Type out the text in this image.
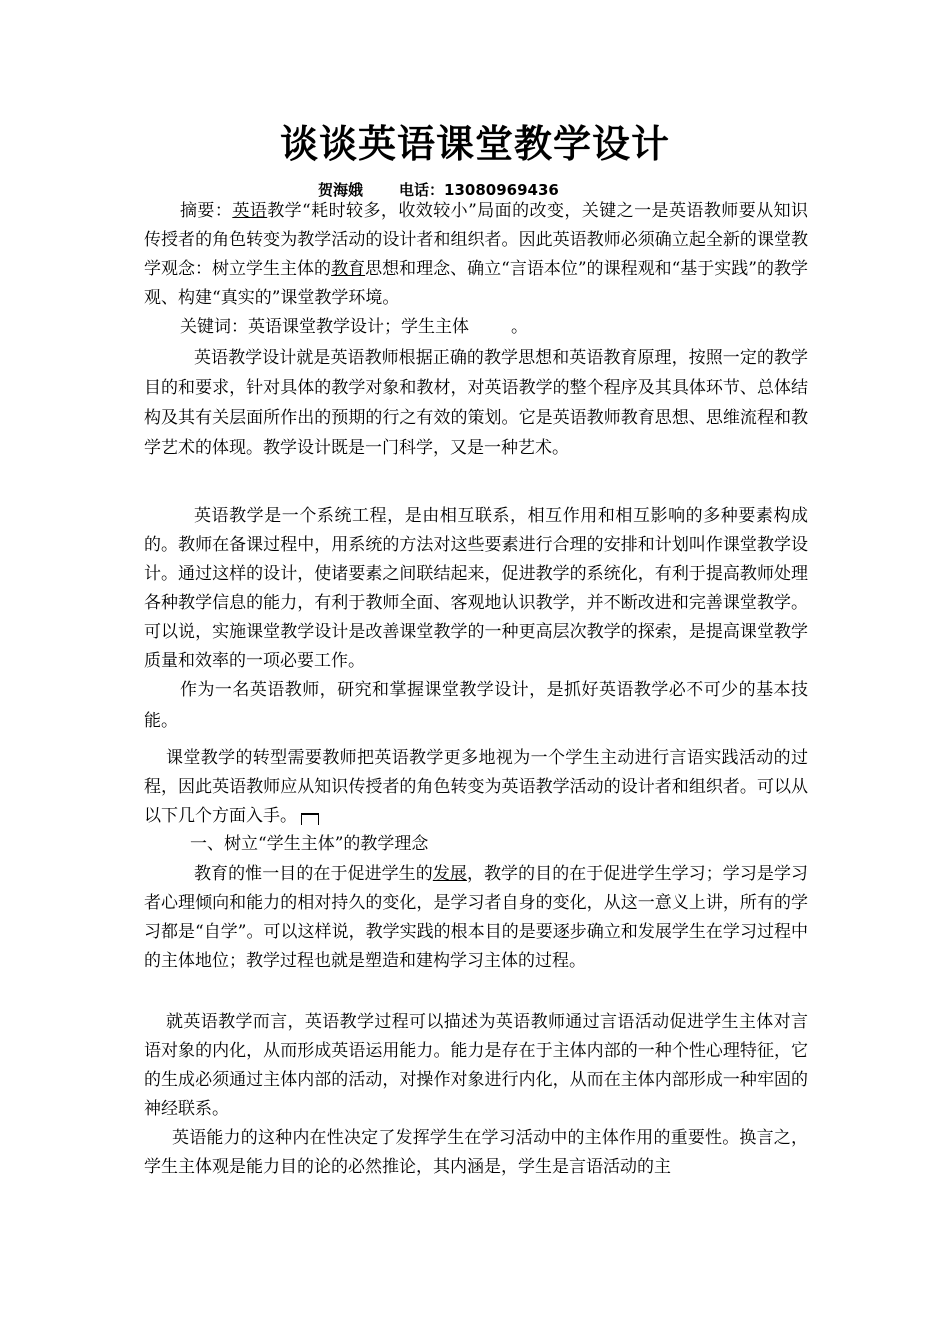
谈谈英语课堂教学设计
贺海娥 电话：13080969436

摘要：英语教学“耗时较多，收效较小”局面的改变，关键之一是英语教师要从知识传授者的角色转变为教学活动的设计者和组织者。因此英语教师必须确立起全新的课堂教学观念：树立学生主体的教育思想和理念、确立“言语本位”的课程观和“基于实践”的教学观、构建“真实的”课堂教学环境。

关键词：英语课堂教学设计；学生主体 。

英语教学设计就是英语教师根据正确的教学思想和英语教育原理，按照一定的教学目的和要求，针对具体的教学对象和教材，对英语教学的整个程序及其具体环节、总体结构及其有关层面所作出的预期的行之有效的策划。它是英语教师教育思想、思维流程和教学艺术的体现。教学设计既是一门科学，又是一种艺术。

英语教学是一个系统工程，是由相互联系，相互作用和相互影响的多种要素构成的。教师在备课过程中，用系统的方法对这些要素进行合理的安排和计划叫作课堂教学设计。通过这样的设计，使诸要素之间联结起来，促进教学的系统化，有利于提高教师处理各种教学信息的能力，有利于教师全面、客观地认识教学，并不断改进和完善课堂教学。可以说，实施课堂教学设计是改善课堂教学的一种更高层次教学的探索，是提高课堂教学质量和效率的一项必要工作。

作为一名英语教师，研究和掌握课堂教学设计，是抓好英语教学必不可少的基本技能。

课堂教学的转型需要教师把英语教学更多地视为一个学生主动进行言语实践活动的过程，因此英语教师应从知识传授者的角色转变为英语教学活动的设计者和组织者。可以从以下几个方面入手。

一、树立“学生主体”的教学理念

教育的惟一目的在于促进学生的发展，教学的目的在于促进学生学习；学习是学习者心理倾向和能力的相对持久的变化，是学习者自身的变化，从这一意义上讲，所有的学习都是“自学”。可以这样说，教学实践的根本目的是要逐步确立和发展学生在学习过程中的主体地位；教学过程也就是塑造和建构学习主体的过程。

就英语教学而言，英语教学过程可以描述为英语教师通过言语活动促进学生主体对言语对象的内化，从而形成英语运用能力。能力是存在于主体内部的一种个性心理特征，它的生成必须通过主体内部的活动，对操作对象进行内化，从而在主体内部形成一种牢固的神经联系。

英语能力的这种内在性决定了发挥学生在学习活动中的主体作用的重要性。换言之，学生主体观是能力目的论的必然推论，其内涵是，学生是言语活动的主
